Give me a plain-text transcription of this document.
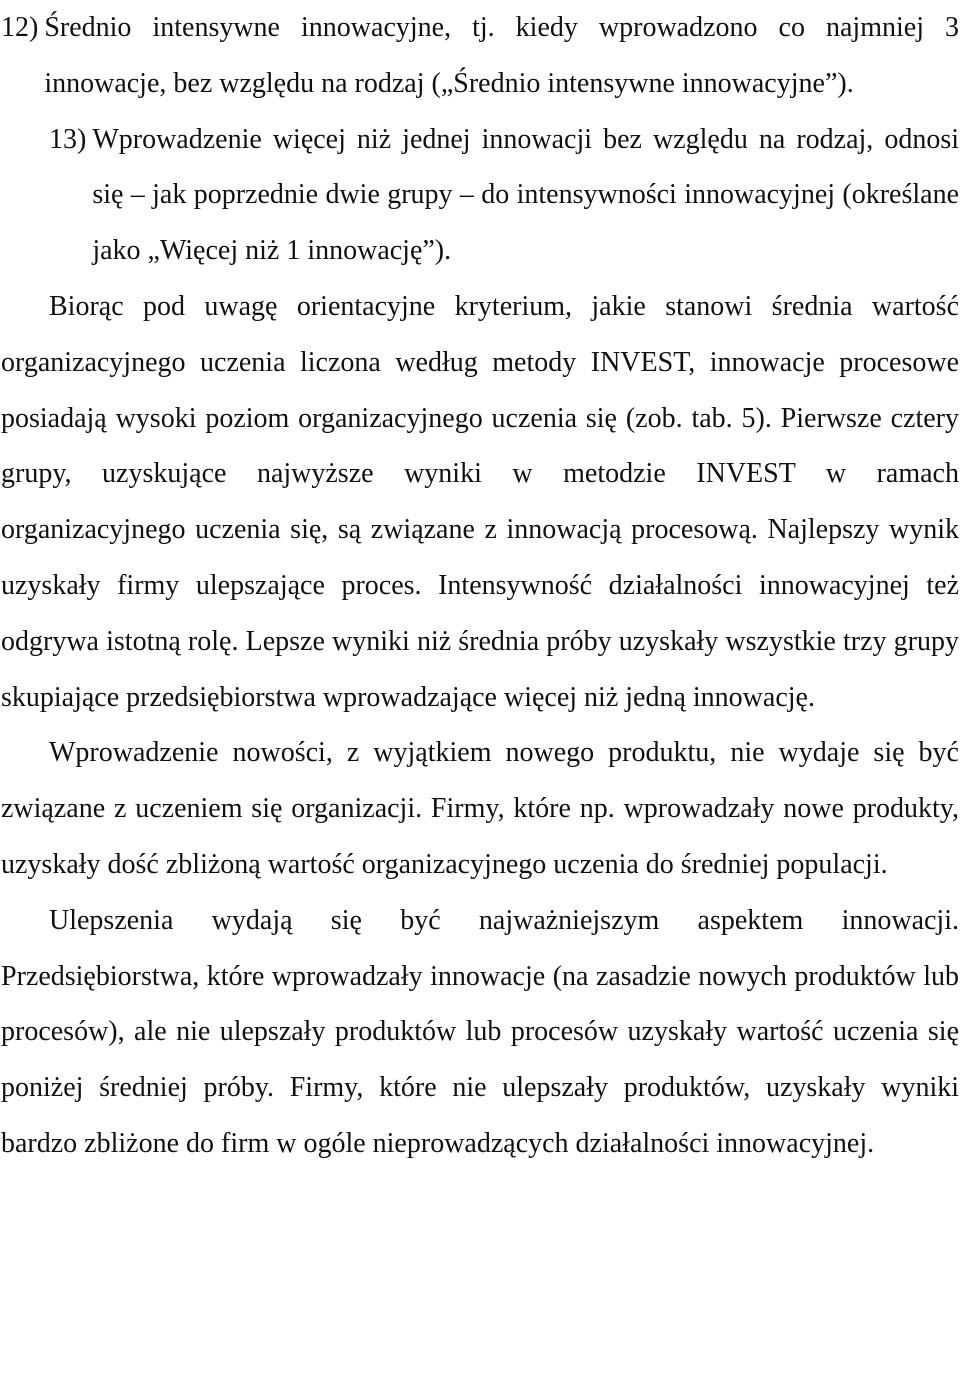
12) Średnio intensywne innowacyjne, tj. kiedy wprowadzono co najmniej 3 innowacje, bez względu na rodzaj („Średnio intensywne innowacyjne”).
13) Wprowadzenie więcej niż jednej innowacji bez względu na rodzaj, odnosi się – jak poprzednie dwie grupy – do intensywności innowacyjnej (określane jako „Więcej niż 1 innowację”).

Biorąc pod uwagę orientacyjne kryterium, jakie stanowi średnia wartość organizacyjnego uczenia liczona według metody INVEST, innowacje procesowe posiadają wysoki poziom organizacyjnego uczenia się (zob. tab. 5). Pierwsze cztery grupy, uzyskujące najwyższe wyniki w metodzie INVEST w ramach organizacyjnego uczenia się, są związane z innowacją procesową. Najlepszy wynik uzyskały firmy ulepszające proces. Intensywność działalności innowacyjnej też odgrywa istotną rolę. Lepsze wyniki niż średnia próby uzyskały wszystkie trzy grupy skupiające przedsiębiorstwa wprowadzające więcej niż jedną innowację.

Wprowadzenie nowości, z wyjątkiem nowego produktu, nie wydaje się być związane z uczeniem się organizacji. Firmy, które np. wprowadzały nowe produkty, uzyskały dość zbliżoną wartość organizacyjnego uczenia do średniej populacji.

Ulepszenia wydają się być najważniejszym aspektem innowacji. Przedsiębiorstwa, które wprowadzały innowacje (na zasadzie nowych produktów lub procesów), ale nie ulepszały produktów lub procesów uzyskały wartość uczenia się poniżej średniej próby. Firmy, które nie ulepszały produktów, uzyskały wyniki bardzo zbliżone do firm w ogóle nieprowadzących działalności innowacyjnej.
